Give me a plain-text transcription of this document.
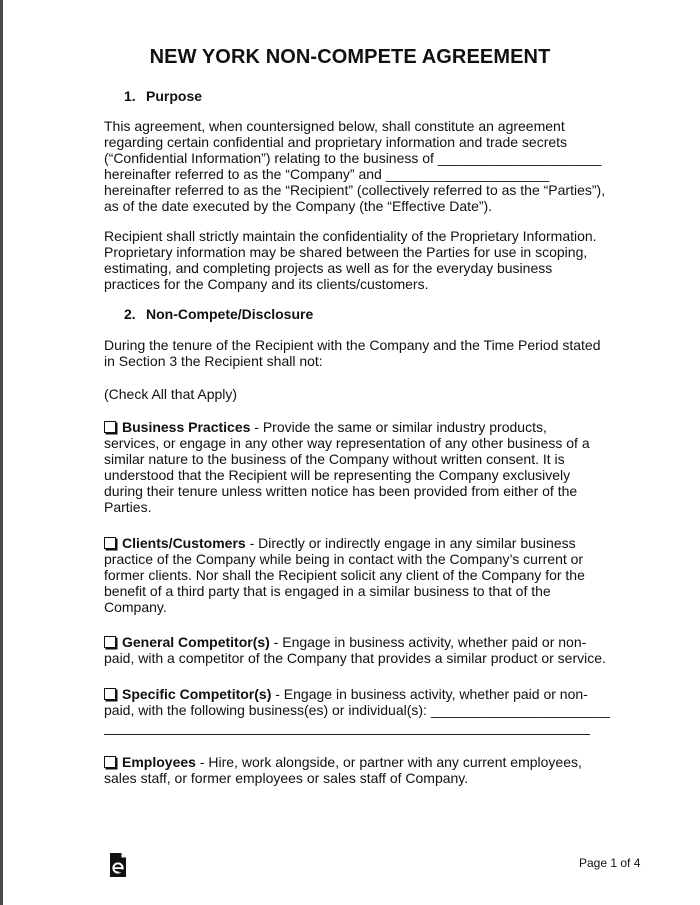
NEW YORK NON-COMPETE AGREEMENT
1. Purpose
This agreement, when countersigned below, shall constitute an agreement
regarding certain confidential and proprietary information and trade secrets
(“Confidential Information”) relating to the business of _____________________
hereinafter referred to as the “Company” and _____________________
hereinafter referred to as the “Recipient” (collectively referred to as the “Parties”),
as of the date executed by the Company (the “Effective Date”).
Recipient shall strictly maintain the confidentiality of the Proprietary Information.
Proprietary information may be shared between the Parties for use in scoping,
estimating, and completing projects as well as for the everyday business
practices for the Company and its clients/customers.
2. Non-Compete/Disclosure
During the tenure of the Recipient with the Company and the Time Period stated
in Section 3 the Recipient shall not:
(Check All that Apply)
Business Practices - Provide the same or similar industry products,
services, or engage in any other way representation of any other business of a
similar nature to the business of the Company without written consent. It is
understood that the Recipient will be representing the Company exclusively
during their tenure unless written notice has been provided from either of the
Parties.
Clients/Customers - Directly or indirectly engage in any similar business
practice of the Company while being in contact with the Company’s current or
former clients. Nor shall the Recipient solicit any client of the Company for the
benefit of a third party that is engaged in a similar business to that of the
Company.
General Competitor(s) - Engage in business activity, whether paid or non-
paid, with a competitor of the Company that provides a similar product or service.
Specific Competitor(s) - Engage in business activity, whether paid or non-
paid, with the following business(es) or individual(s): _______________________
Employees - Hire, work alongside, or partner with any current employees,
sales staff, or former employees or sales staff of Company.
Page 1 of 4
